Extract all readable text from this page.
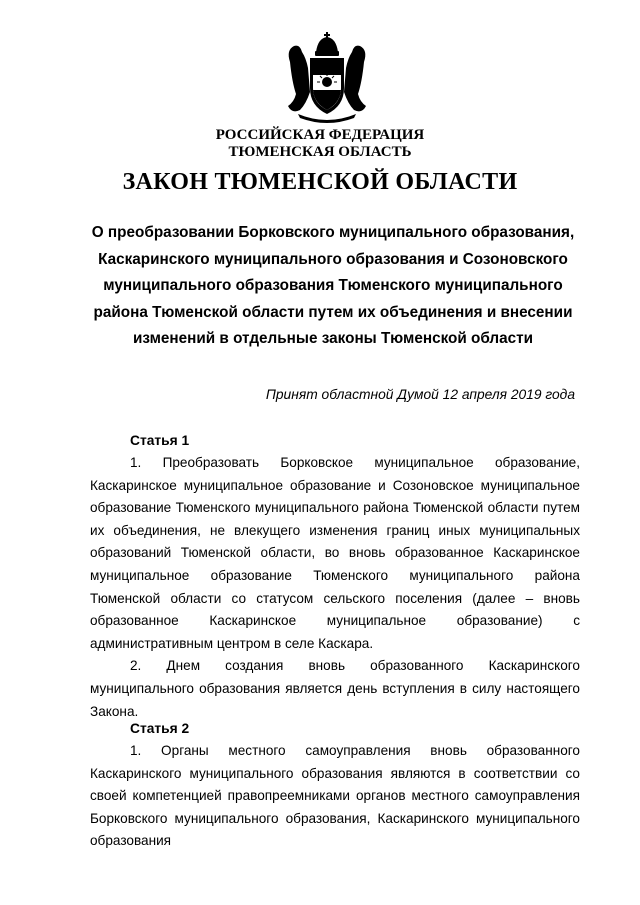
РОССИЙСКАЯ ФЕДЕРАЦИЯ
ТЮМЕНСКАЯ ОБЛАСТЬ
ЗАКОН ТЮМЕНСКОЙ ОБЛАСТИ
О преобразовании Борковского муниципального образования, Каскаринского муниципального образования и Созоновского муниципального образования Тюменского муниципального района Тюменской области путем их объединения и внесении изменений в отдельные законы Тюменской области
Принят областной Думой 12 апреля 2019 года
Статья 1

1. Преобразовать Борковское муниципальное образование, Каскаринское муниципальное образование и Созоновское муниципальное образование Тюменского муниципального района Тюменской области путем их объединения, не влекущего изменения границ иных муниципальных образований Тюменской области, во вновь образованное Каскаринское муниципальное образование Тюменского муниципального района Тюменской области со статусом сельского поселения (далее – вновь образованное Каскаринское муниципальное образование) с административным центром в селе Каскара.

2. Днем создания вновь образованного Каскаринского муниципального образования является день вступления в силу настоящего Закона.

Статья 2

1. Органы местного самоуправления вновь образованного Каскаринского муниципального образования являются в соответствии со своей компетенцией правопреемниками органов местного самоуправления Борковского муниципального образования, Каскаринского муниципального образования
